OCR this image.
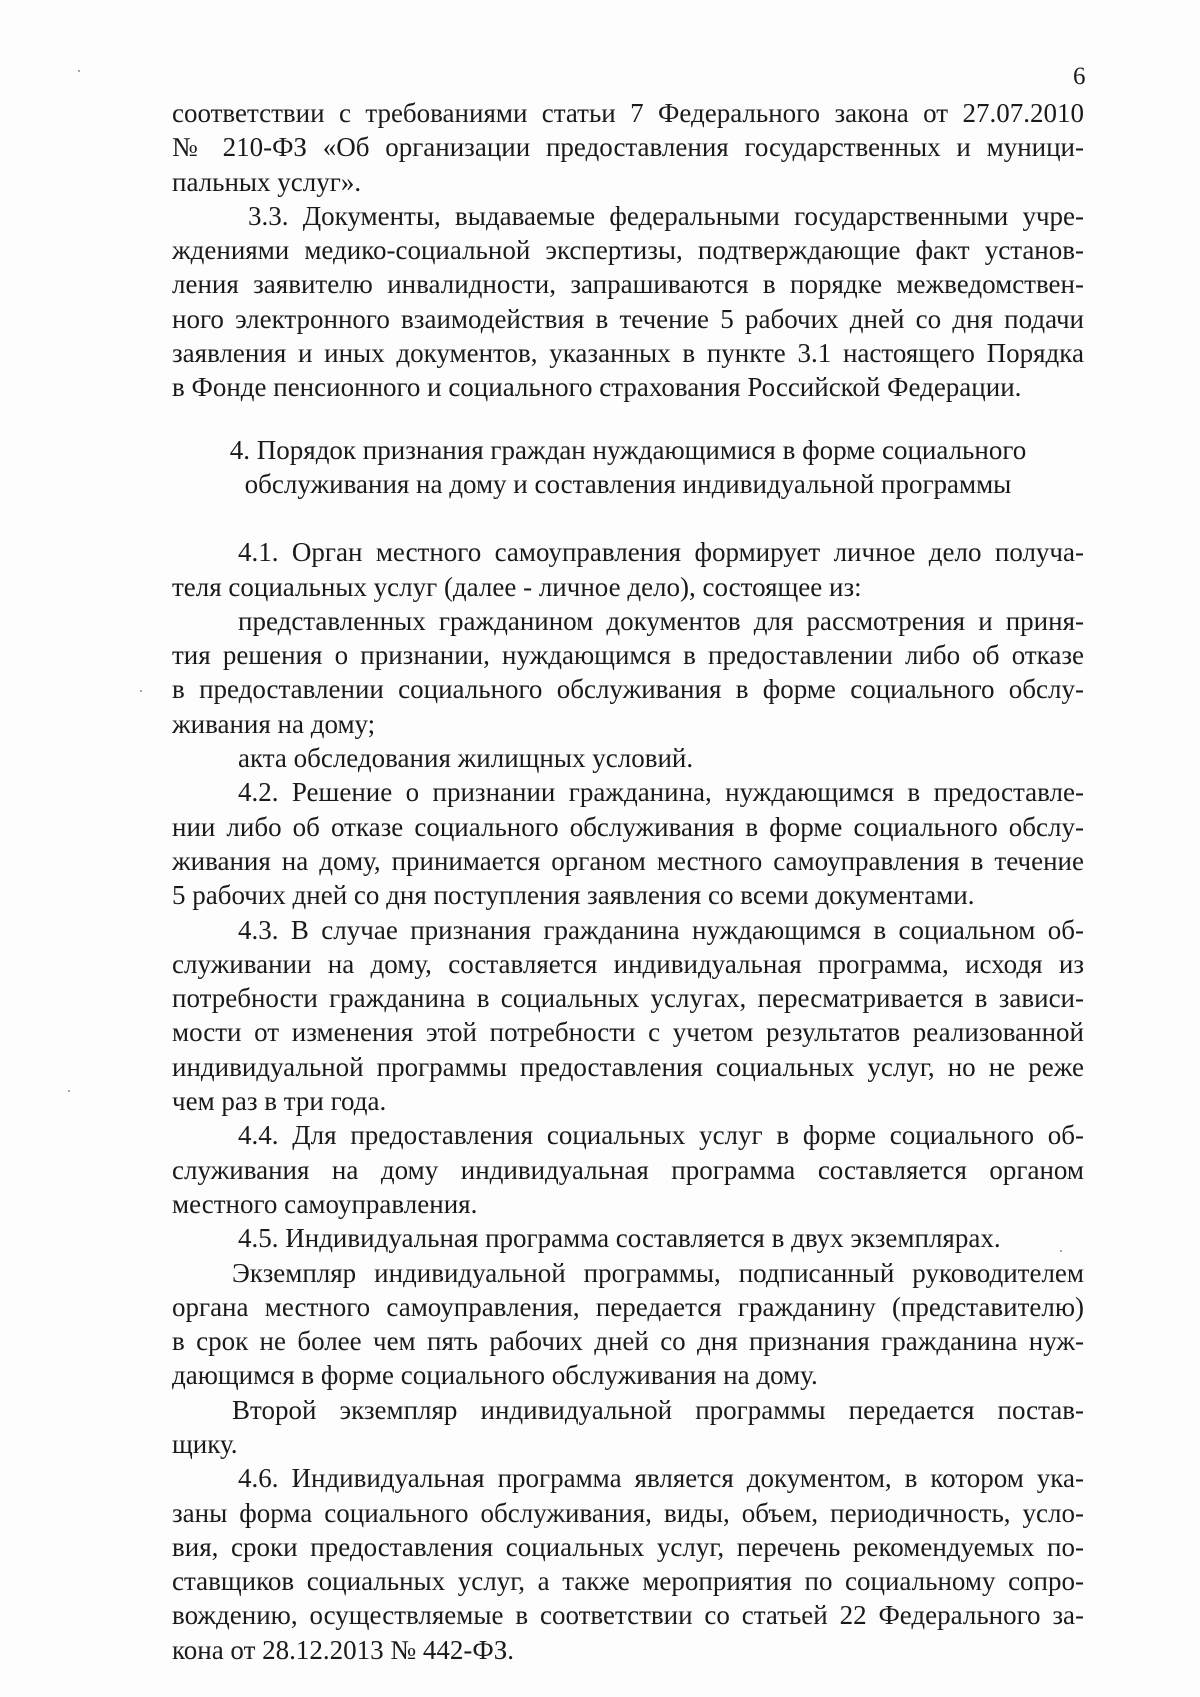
6
соответствии с требованиями статьи 7 Федерального закона от 27.07.2010
№ 210-ФЗ «Об организации предоставления государственных и муници-
пальных услуг».
3.3. Документы, выдаваемые федеральными государственными учре-
ждениями медико-социальной экспертизы, подтверждающие факт установ-
ления заявителю инвалидности, запрашиваются в порядке межведомствен-
ного электронного взаимодействия в течение 5 рабочих дней со дня подачи
заявления и иных документов, указанных в пункте 3.1 настоящего Порядка
в Фонде пенсионного и социального страхования Российской Федерации.
4. Порядок признания граждан нуждающимися в форме социального
обслуживания на дому и составления индивидуальной программы
4.1. Орган местного самоуправления формирует личное дело получа-
теля социальных услуг (далее - личное дело), состоящее из:
представленных гражданином документов для рассмотрения и приня-
тия решения о признании, нуждающимся в предоставлении либо об отказе
в предоставлении социального обслуживания в форме социального обслу-
живания на дому;
акта обследования жилищных условий.
4.2. Решение о признании гражданина, нуждающимся в предоставле-
нии либо об отказе социального обслуживания в форме социального обслу-
живания на дому, принимается органом местного самоуправления в течение
5 рабочих дней со дня поступления заявления со всеми документами.
4.3. В случае признания гражданина нуждающимся в социальном об-
служивании на дому, составляется индивидуальная программа, исходя из
потребности гражданина в социальных услугах, пересматривается в зависи-
мости от изменения этой потребности с учетом результатов реализованной
индивидуальной программы предоставления социальных услуг, но не реже
чем раз в три года.
4.4. Для предоставления социальных услуг в форме социального об-
служивания на дому индивидуальная программа составляется органом
местного самоуправления.
4.5. Индивидуальная программа составляется в двух экземплярах.
Экземпляр индивидуальной программы, подписанный руководителем
органа местного самоуправления, передается гражданину (представителю)
в срок не более чем пять рабочих дней со дня признания гражданина нуж-
дающимся в форме социального обслуживания на дому.
Второй экземпляр индивидуальной программы передается постав-
щику.
4.6. Индивидуальная программа является документом, в котором ука-
заны форма социального обслуживания, виды, объем, периодичность, усло-
вия, сроки предоставления социальных услуг, перечень рекомендуемых по-
ставщиков социальных услуг, а также мероприятия по социальному сопро-
вождению, осуществляемые в соответствии со статьей 22 Федерального за-
кона от 28.12.2013 № 442-ФЗ.
